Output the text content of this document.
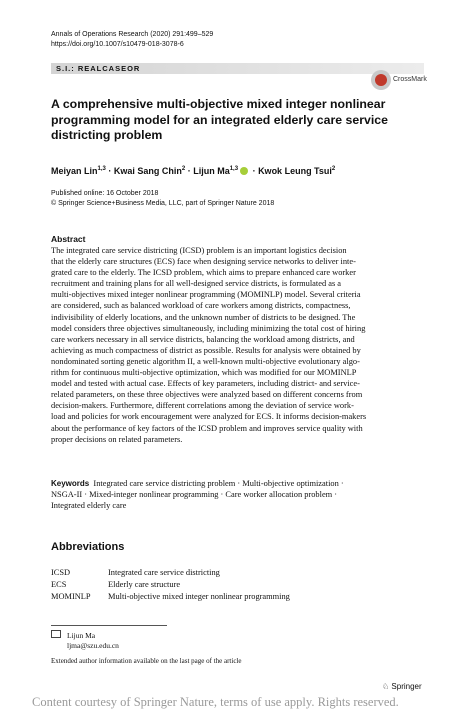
Annals of Operations Research (2020) 291:499–529
https://doi.org/10.1007/s10479-018-3078-6
S.I.: REALCASEOR
CrossMark
A comprehensive multi-objective mixed integer nonlinear programming model for an integrated elderly care service districting problem
Meiyan Lin$^{1,3}$ · Kwai Sang Chin$^2$ · Lijun Ma$^{1,3}$ · Kwok Leung Tsui$^2$
Published online: 16 October 2018
© Springer Science+Business Media, LLC, part of Springer Nature 2018
Abstract
The integrated care service districting (ICSD) problem is an important logistics decision
that the elderly care structures (ECS) face when designing service networks to deliver inte-
grated care to the elderly. The ICSD problem, which aims to prepare enhanced care worker
recruitment and training plans for all well-designed service districts, is formulated as a
multi-objectives mixed integer nonlinear programming (MOMINLP) model. Several criteria
are considered, such as balanced workload of care workers among districts, compactness,
indivisibility of elderly locations, and the unknown number of districts to be designed. The
model considers three objectives simultaneously, including minimizing the total cost of hiring
care workers necessary in all service districts, balancing the workload among districts, and
achieving as much compactness of district as possible. Results for analysis were obtained by
nondominated sorting genetic algorithm II, a well-known multi-objective evolutionary algo-
rithm for continuous multi-objective optimization, which was modified for our MOMINLP
model and tested with actual case. Effects of key parameters, including district- and service-
related parameters, on these three objectives were analyzed based on different concerns from
decision-makers. Furthermore, different correlations among the deviation of service work-
load and policies for work encouragement were analyzed for ECS. It informs decision-makers
about the performance of key factors of the ICSD problem and improves service quality with
proper decisions on related parameters.
Keywords Integrated care service districting problem · Multi-objective optimization ·
NSGA-II · Mixed-integer nonlinear programming · Care worker allocation problem ·
Integrated elderly care
Abbreviations
ICSD	Integrated care service districting
ECS	Elderly care structure
MOMINLP Multi-objective mixed integer nonlinear programming
Lijun Ma
ljma@szu.edu.cn
Extended author information available on the last page of the article
♘ Springer
Content courtesy of Springer Nature, terms of use apply. Rights reserved.
